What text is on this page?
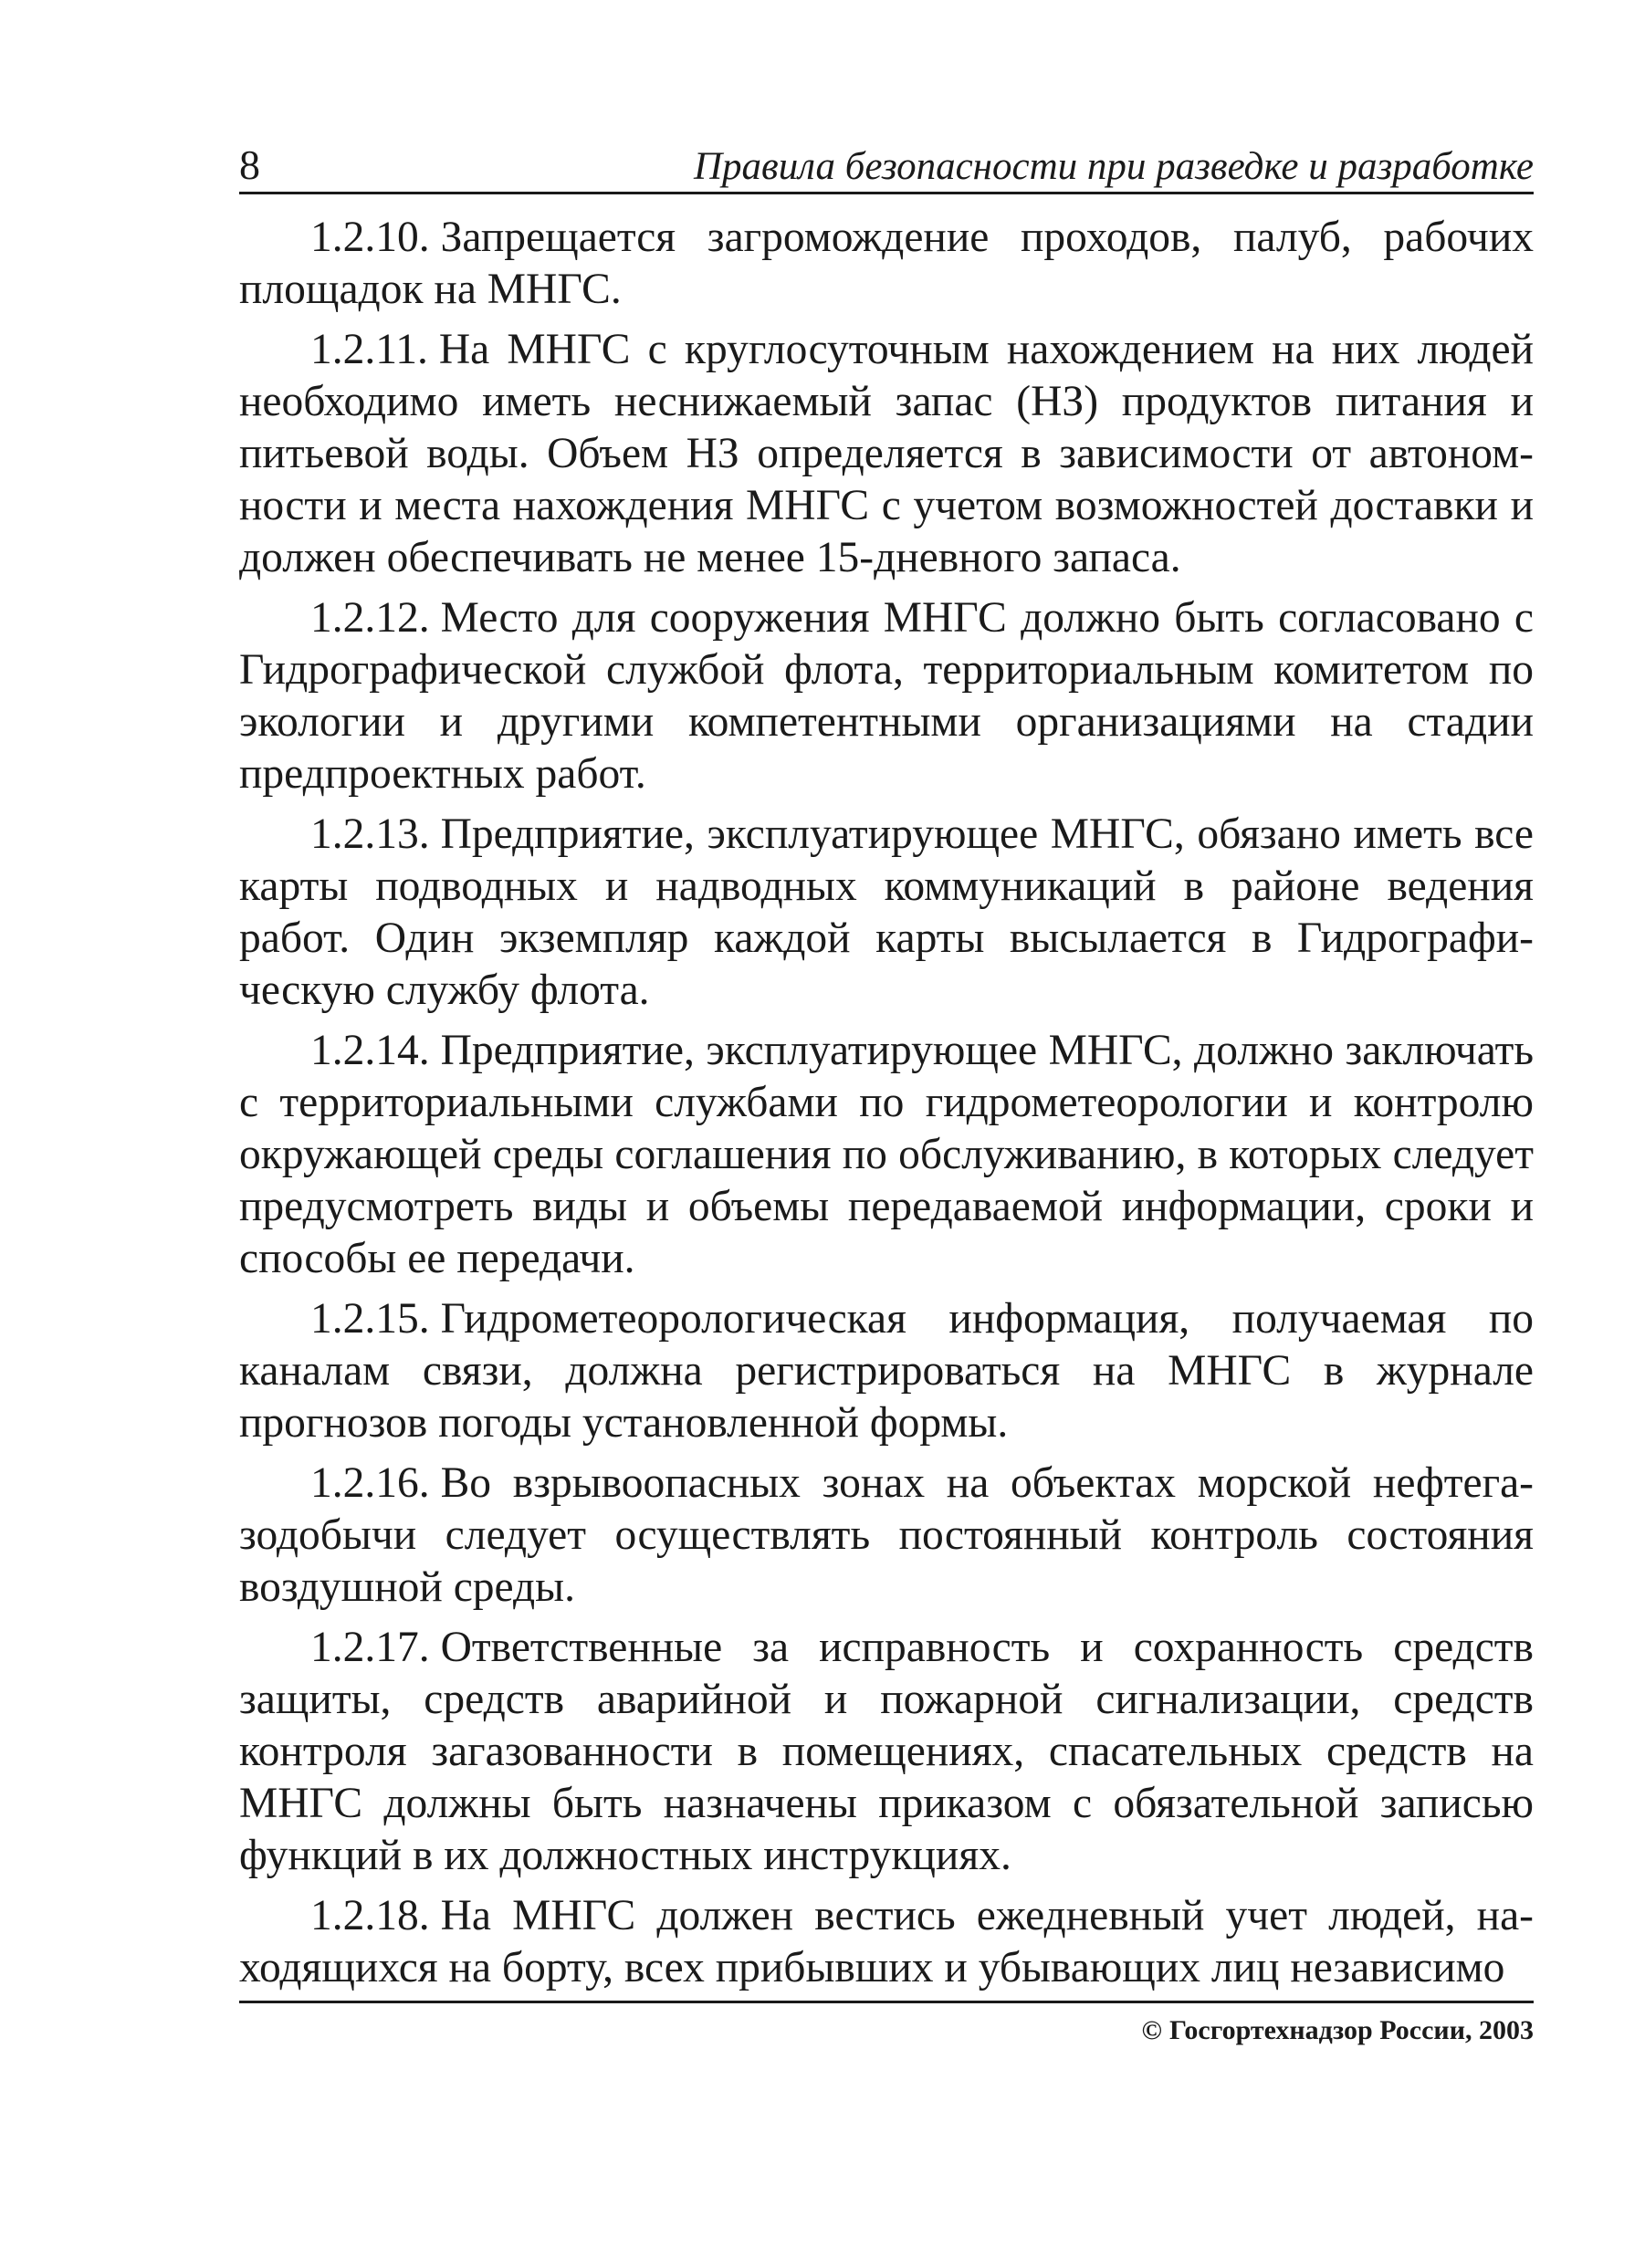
8	Правила безопасности при разведке и разработке

1.2.10. Запрещается загромождение проходов, палуб, рабочих площадок на МНГС.

1.2.11. На МНГС с круглосуточным нахождением на них людей необходимо иметь неснижаемый запас (НЗ) продуктов питания и питьевой воды. Объем НЗ определяется в зависимости от автономности и места нахождения МНГС с учетом возможностей доставки и должен обеспечивать не менее 15-дневного запаса.

1.2.12. Место для сооружения МНГС должно быть согласовано с Гидрографической службой флота, территориальным комитетом по экологии и другими компетентными организациями на стадии предпроектных работ.

1.2.13. Предприятие, эксплуатирующее МНГС, обязано иметь все карты подводных и надводных коммуникаций в районе ведения работ. Один экземпляр каждой карты высылается в Гидрографическую службу флота.

1.2.14. Предприятие, эксплуатирующее МНГС, должно заключать с территориальными службами по гидрометеорологии и контролю окружающей среды соглашения по обслуживанию, в которых следует предусмотреть виды и объемы передаваемой информации, сроки и способы ее передачи.

1.2.15. Гидрометеорологическая информация, получаемая по каналам связи, должна регистрироваться на МНГС в журнале прогнозов погоды установленной формы.

1.2.16. Во взрывоопасных зонах на объектах морской нефтегазодобычи следует осуществлять постоянный контроль состояния воздушной среды.

1.2.17. Ответственные за исправность и сохранность средств защиты, средств аварийной и пожарной сигнализации, средств контроля загазованности в помещениях, спасательных средств на МНГС должны быть назначены приказом с обязательной записью функций в их должностных инструкциях.

1.2.18. На МНГС должен вестись ежедневный учет людей, находящихся на борту, всех прибывших и убывающих лиц независимо

© Госгортехнадзор России, 2003
